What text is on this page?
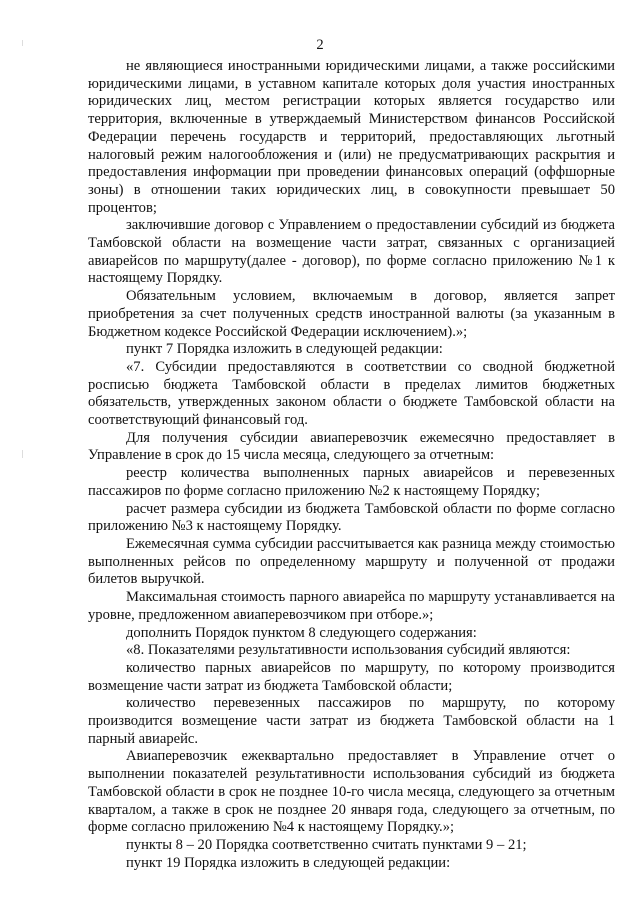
2

не являющиеся иностранными юридическими лицами, а также российскими юридическими лицами, в уставном капитале которых доля участия иностранных юридических лиц, местом регистрации которых является государство или территория, включенные в утверждаемый Министерством финансов Российской Федерации перечень государств и территорий, предоставляющих льготный налоговый режим налогообложения и (или) не предусматривающих раскрытия и предоставления информации при проведении финансовых операций (оффшорные зоны) в отношении таких юридических лиц, в совокупности превышает 50 процентов;

заключившие договор с Управлением о предоставлении субсидий из бюджета Тамбовской области на возмещение части затрат, связанных с организацией авиарейсов по маршруту(далее - договор), по форме согласно приложению №1 к настоящему Порядку.

Обязательным условием, включаемым в договор, является запрет приобретения за счет полученных средств иностранной валюты (за указанным в Бюджетном кодексе Российской Федерации исключением).»;

пункт 7 Порядка изложить в следующей редакции:

«7. Субсидии предоставляются в соответствии со сводной бюджетной росписью бюджета Тамбовской области в пределах лимитов бюджетных обязательств, утвержденных законом области о бюджете Тамбовской области на соответствующий финансовый год.

Для получения субсидии авиаперевозчик ежемесячно предоставляет в Управление в срок до 15 числа месяца, следующего за отчетным:

реестр количества выполненных парных авиарейсов и перевезенных пассажиров по форме согласно приложению №2 к настоящему Порядку;

расчет размера субсидии из бюджета Тамбовской области по форме согласно приложению №3 к настоящему Порядку.

Ежемесячная сумма субсидии рассчитывается как разница между стоимостью выполненных рейсов по определенному маршруту и полученной от продажи билетов выручкой.

Максимальная стоимость парного авиарейса по маршруту устанавливается на уровне, предложенном авиаперевозчиком при отборе.»;

дополнить Порядок пунктом 8 следующего содержания:

«8. Показателями результативности использования субсидий являются:

количество парных авиарейсов по маршруту, по которому производится возмещение части затрат из бюджета Тамбовской области;

количество перевезенных пассажиров по маршруту, по которому производится возмещение части затрат из бюджета Тамбовской области на 1 парный авиарейс.

Авиаперевозчик ежеквартально предоставляет в Управление отчет о выполнении показателей результативности использования субсидий из бюджета Тамбовской области в срок не позднее 10-го числа месяца, следующего за отчетным кварталом, а также в срок не позднее 20 января года, следующего за отчетным, по форме согласно приложению №4 к настоящему Порядку.»;

пункты 8 – 20 Порядка соответственно считать пунктами 9 – 21;

пункт 19 Порядка изложить в следующей редакции:
